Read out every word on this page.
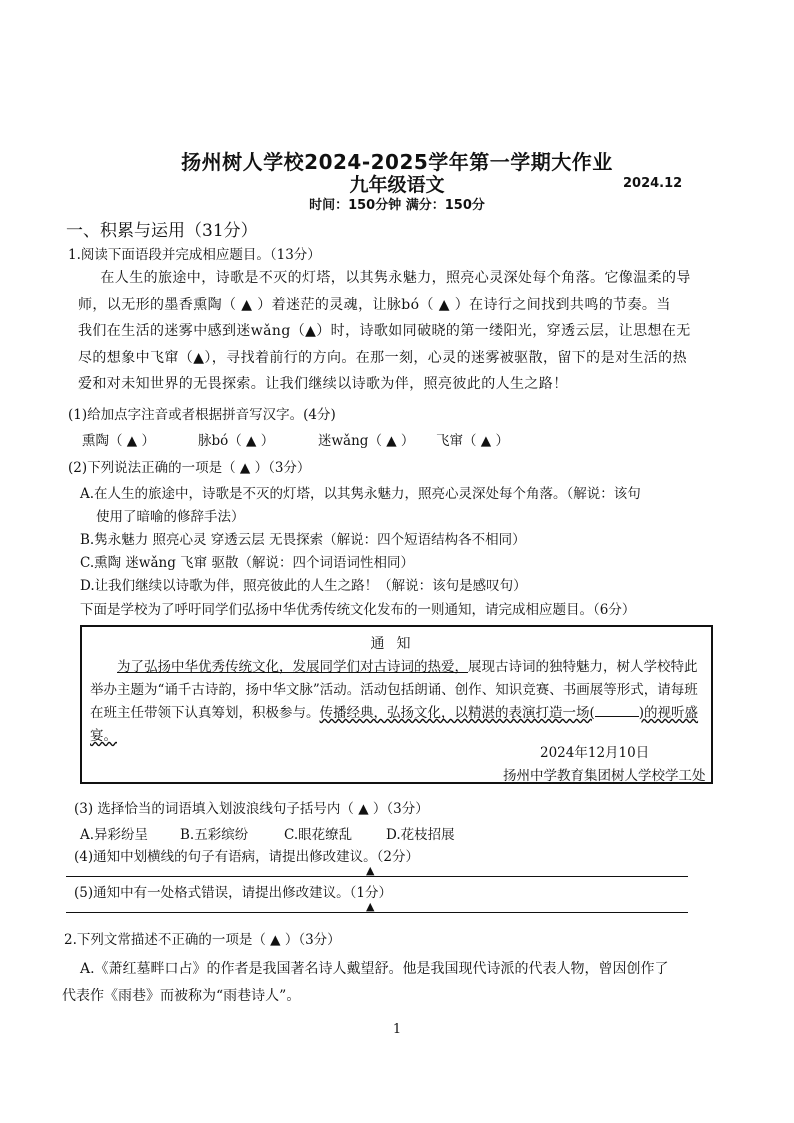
扬州树人学校2024-2025学年第一学期大作业
九年级语文	2024.12
时间：150分钟 满分：150分
一、积累与运用（31分）
1.阅读下面语段并完成相应题目。（13分）

在人生的旅途中，诗歌是不灭的灯塔，以其隽永魅力，照亮心灵深处每个角落。它像温柔的导

师，以无形的墨香熏陶（ ▲ ）着迷茫的灵魂，让脉bó（ ▲ ）在诗行之间找到共鸣的节奏。当

我们在生活的迷雾中感到迷wǎng（▲）时，诗歌如同破晓的第一缕阳光，穿透云层，让思想在无

尽的想象中飞窜（▲），寻找着前行的方向。在那一刻，心灵的迷雾被驱散，留下的是对生活的热

爱和对未知世界的无畏探索。让我们继续以诗歌为伴，照亮彼此的人生之路！

(1)给加点字注音或者根据拼音写汉字。(4分)
熏陶（ ▲ ）	脉bó（ ▲ ）	迷wǎng（ ▲ ） 飞窜（ ▲ ）
(2)下列说法正确的一项是（ ▲ ）（3分）
A.在人生的旅途中，诗歌是不灭的灯塔，以其隽永魅力，照亮心灵深处每个角落。（解说：该句
使用了暗喻的修辞手法）
B.隽永魅力 照亮心灵 穿透云层 无畏探索（解说：四个短语结构各不相同）
C.熏陶 迷wǎng 飞窜 驱散（解说：四个词语词性相同）
D.让我们继续以诗歌为伴，照亮彼此的人生之路！（解说：该句是感叹句）
下面是学校为了呼吁同学们弘扬中华优秀传统文化发布的一则通知，请完成相应题目。（6分）
通知

为了弘扬中华优秀传统文化，发展同学们对古诗词的热爱，展现古诗词的独特魅力，树人学校特此举办主题为“诵千古诗韵，扬中华文脉”活动。活动包括朗诵、创作、知识竞赛、书画展等形式，请每班在班主任带领下认真筹划，积极参与。传播经典，弘扬文化，以精湛的表演打造一场(	)的视听盛宴。

2024年12月10日
扬州中学教育集团树人学校学工处
(3) 选择恰当的词语填入划波浪线句子括号内（ ▲ ）（3分）
A.异彩纷呈 B.五彩缤纷	C.眼花缭乱	D.花枝招展
(4)通知中划横线的句子有语病，请提出修改建议。（2分）
▲
(5)通知中有一处格式错误，请提出修改建议。（1分）
▲
2.下列文常描述不正确的一项是（ ▲ ）（3分）
A.《萧红墓畔口占》的作者是我国著名诗人戴望舒。他是我国现代诗派的代表人物，曾因创作了
代表作《雨巷》而被称为“雨巷诗人”。
1
